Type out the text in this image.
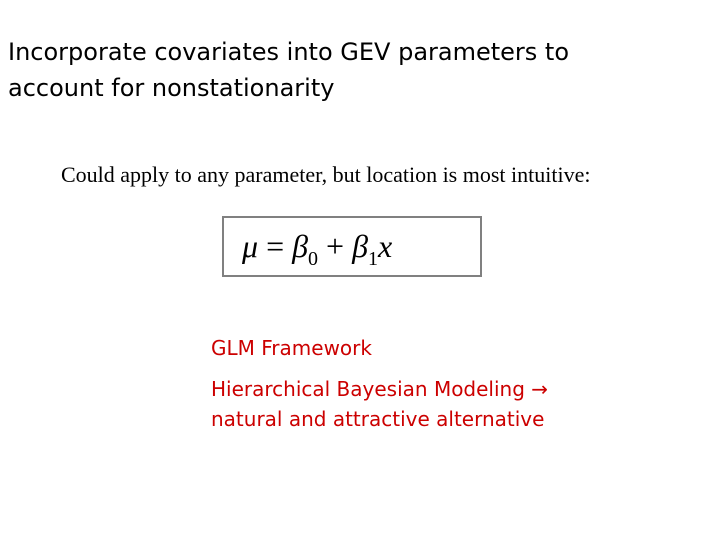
Incorporate covariates into GEV parameters to
account for nonstationarity
Could apply to any parameter, but location is most intuitive:
$\mu = \beta_0 + \beta_1x$
GLM Framework
Hierarchical Bayesian Modeling →
natural and attractive alternative
